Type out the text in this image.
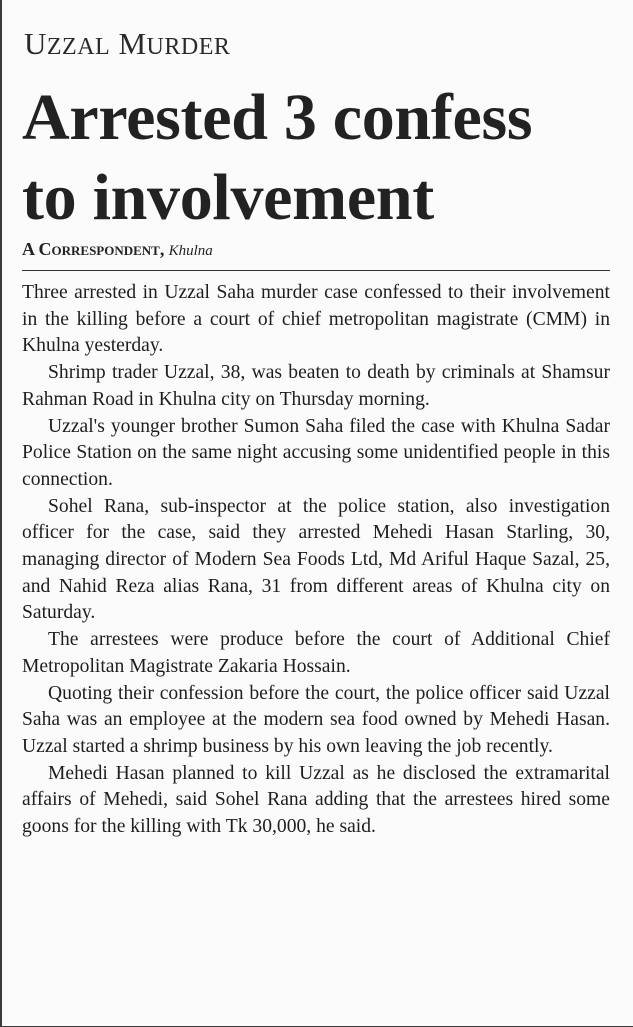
UZZAL MURDER
Arrested 3 confess
to involvement
A Correspondent, Khulna

Three arrested in Uzzal Saha murder case confessed to their involvement in the killing before a court of chief metropolitan magistrate (CMM) in Khulna yesterday.

Shrimp trader Uzzal, 38, was beaten to death by criminals at Shamsur Rahman Road in Khulna city on Thursday morning.

Uzzal's younger brother Sumon Saha filed the case with Khulna Sadar Police Station on the same night accusing some unidentified people in this connection.

Sohel Rana, sub-inspector at the police station, also investigation officer for the case, said they arrested Mehedi Hasan Starling, 30, managing director of Modern Sea Foods Ltd, Md Ariful Haque Sazal, 25, and Nahid Reza alias Rana, 31 from different areas of Khulna city on Saturday.

The arrestees were produce before the court of Additional Chief Metropolitan Magistrate Zakaria Hossain.

Quoting their confession before the court, the police officer said Uzzal Saha was an employee at the modern sea food owned by Mehedi Hasan. Uzzal started a shrimp business by his own leaving the job recently.

Mehedi Hasan planned to kill Uzzal as he disclosed the extramarital affairs of Mehedi, said Sohel Rana adding that the arrestees hired some goons for the killing with Tk 30,000, he said.
